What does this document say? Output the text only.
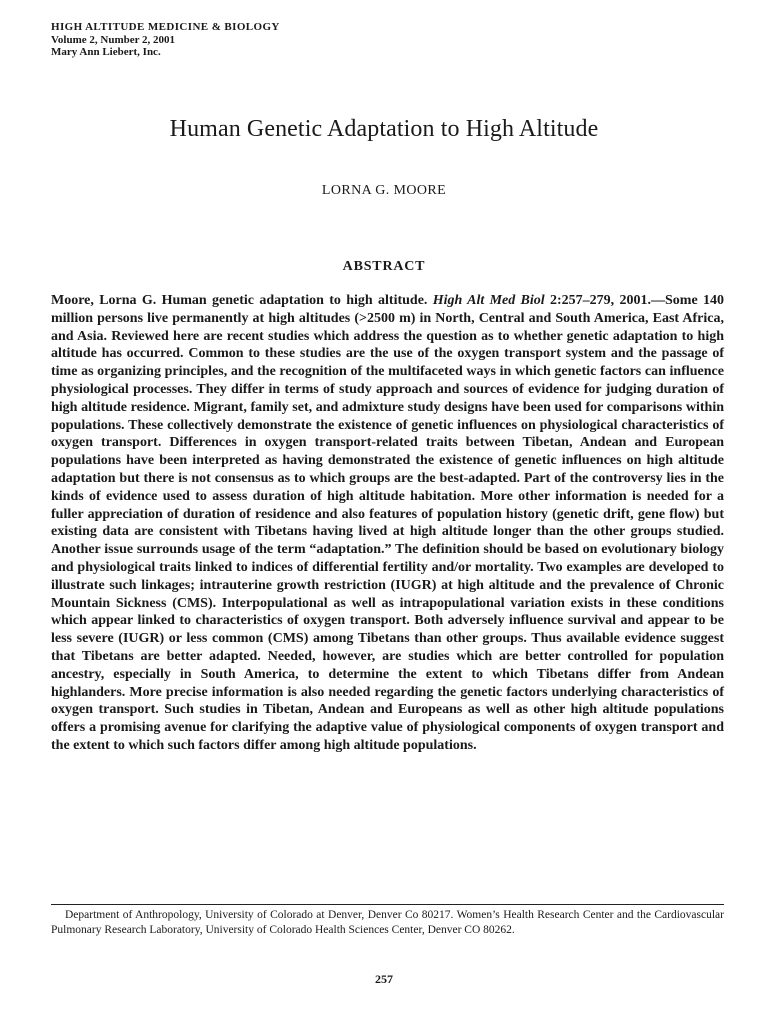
HIGH ALTITUDE MEDICINE & BIOLOGY
Volume 2, Number 2, 2001
Mary Ann Liebert, Inc.
Human Genetic Adaptation to High Altitude
LORNA G. MOORE
ABSTRACT

Moore, Lorna G. Human genetic adaptation to high altitude. High Alt Med Biol 2:257–279, 2001.—Some 140 million persons live permanently at high altitudes (>2500 m) in North, Central and South America, East Africa, and Asia. Reviewed here are recent studies which address the question as to whether genetic adaptation to high altitude has occurred. Common to these studies are the use of the oxygen transport system and the passage of time as organizing principles, and the recognition of the multifaceted ways in which genetic factors can influence physiological processes. They differ in terms of study approach and sources of evidence for judging duration of high altitude residence. Migrant, family set, and admixture study designs have been used for comparisons within populations. These collectively demonstrate the existence of genetic influences on physiological characteristics of oxygen transport. Differences in oxygen transport-related traits between Tibetan, Andean and European populations have been interpreted as having demonstrated the existence of genetic influences on high altitude adaptation but there is not consensus as to which groups are the best-adapted. Part of the controversy lies in the kinds of evidence used to assess duration of high altitude habitation. More other information is needed for a fuller appreciation of duration of residence and also features of population history (genetic drift, gene flow) but existing data are consistent with Tibetans having lived at high altitude longer than the other groups studied. Another issue surrounds usage of the term “adaptation.” The definition should be based on evolutionary biology and physiological traits linked to indices of differential fertility and/or mortality. Two examples are developed to illustrate such linkages; intrauterine growth restriction (IUGR) at high altitude and the prevalence of Chronic Mountain Sickness (CMS). Interpopulational as well as intrapopulational variation exists in these conditions which appear linked to characteristics of oxygen transport. Both adversely influence survival and appear to be less severe (IUGR) or less common (CMS) among Tibetans than other groups. Thus available evidence suggest that Tibetans are better adapted. Needed, however, are studies which are better controlled for population ancestry, especially in South America, to determine the extent to which Tibetans differ from Andean highlanders. More precise information is also needed regarding the genetic factors underlying characteristics of oxygen transport. Such studies in Tibetan, Andean and Europeans as well as other high altitude populations offers a promising avenue for clarifying the adaptive value of physiological components of oxygen transport and the extent to which such factors differ among high altitude populations.

Department of Anthropology, University of Colorado at Denver, Denver Co 80217. Women’s Health Research Center and the Cardiovascular Pulmonary Research Laboratory, University of Colorado Health Sciences Center, Denver CO 80262.

257
